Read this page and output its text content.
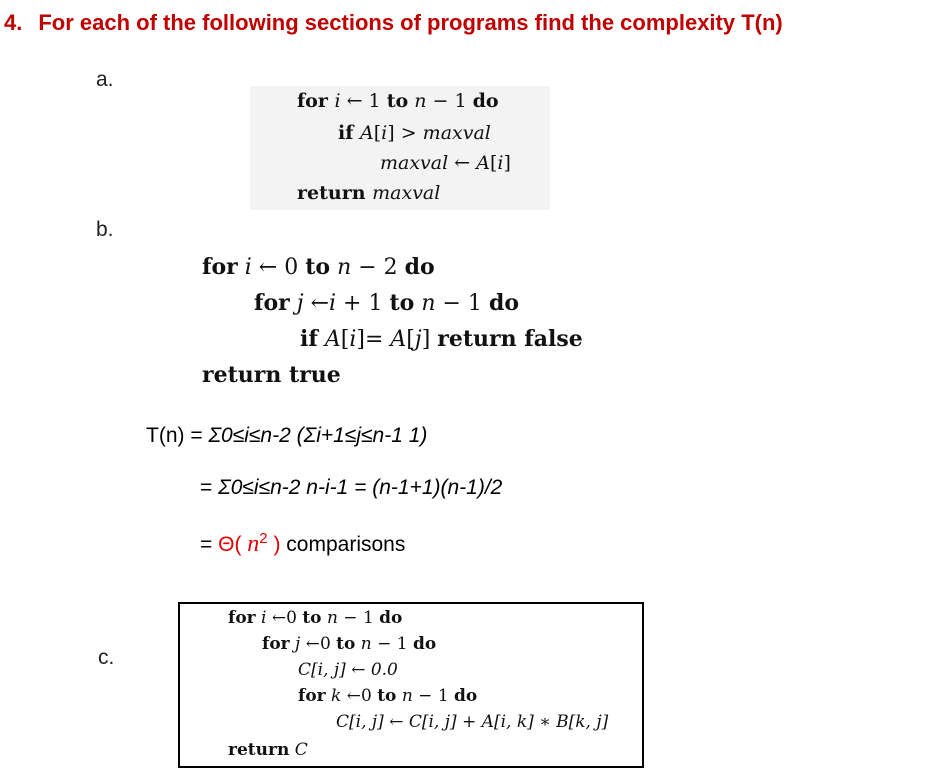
4. For each of the following sections of programs find the complexity T(n)
a.
for i ← 1 to n − 1 do
if A[i] > maxval
maxval ← A[i]
return maxval
b.
for i ← 0 to n − 2 do
for j ←i + 1 to n − 1 do
if A[i]= A[j] return false
return true
T(n) = Σ0≤i≤n-2 (Σi+1≤j≤n-1 1)
= Σ0≤i≤n-2 n-i-1 = (n-1+1)(n-1)/2
= Θ( $n^2$ ) comparisons
c.
for i ←0 to n − 1 do
for j ←0 to n − 1 do
C[i, j] ← 0.0
for k ←0 to n − 1 do
C[i, j] ← C[i, j] + A[i, k] ∗ B[k, j]
return C
